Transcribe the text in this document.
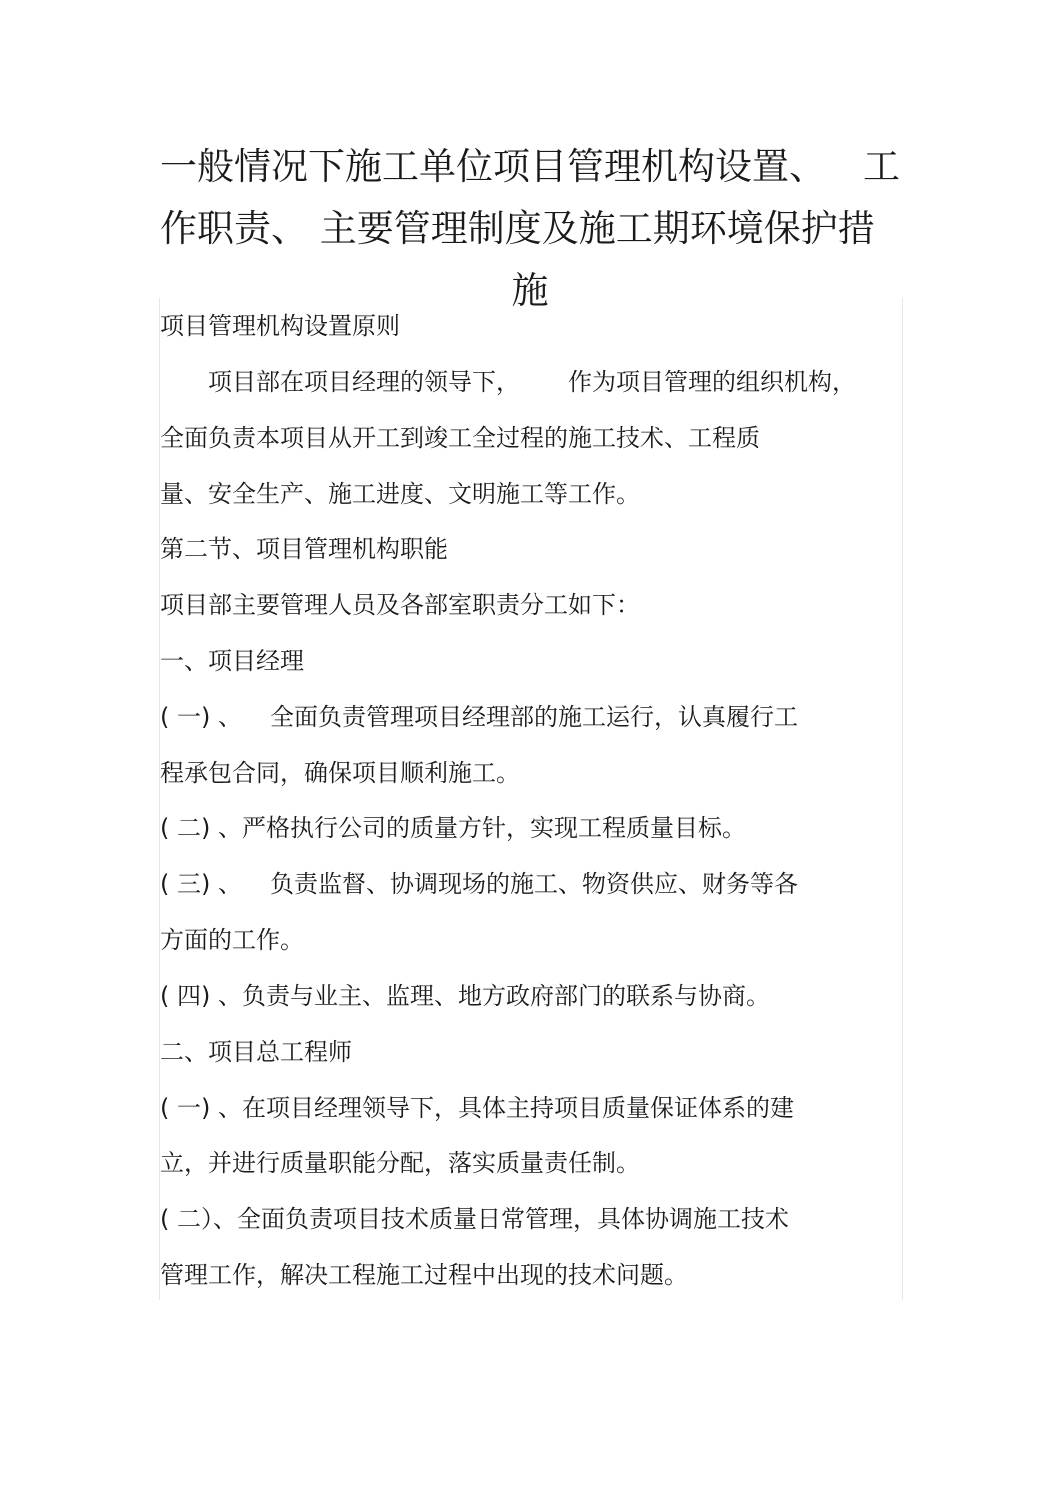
一般情况下施工单位项目管理机构设置、 工
作职责、 主要管理制度及施工期环境保护措
施
项目管理机构设置原则
　　项目部在项目经理的领导下， 作为项目管理的组织机构，
全面负责本项目从开工到竣工全过程的施工技术、工程质
量、安全生产、施工进度、文明施工等工作。
第二节、项目管理机构职能
项目部主要管理人员及各部室职责分工如下：
一、项目经理
( 一) 、 全面负责管理项目经理部的施工运行，认真履行工
程承包合同，确保项目顺利施工。
( 二) 、严格执行公司的质量方针，实现工程质量目标。
( 三) 、 负责监督、协调现场的施工、物资供应、财务等各
方面的工作。
( 四) 、负责与业主、监理、地方政府部门的联系与协商。
二、项目总工程师
( 一) 、在项目经理领导下，具体主持项目质量保证体系的建
立，并进行质量职能分配，落实质量责任制。
( 二）、全面负责项目技术质量日常管理，具体协调施工技术
管理工作，解决工程施工过程中出现的技术问题。
